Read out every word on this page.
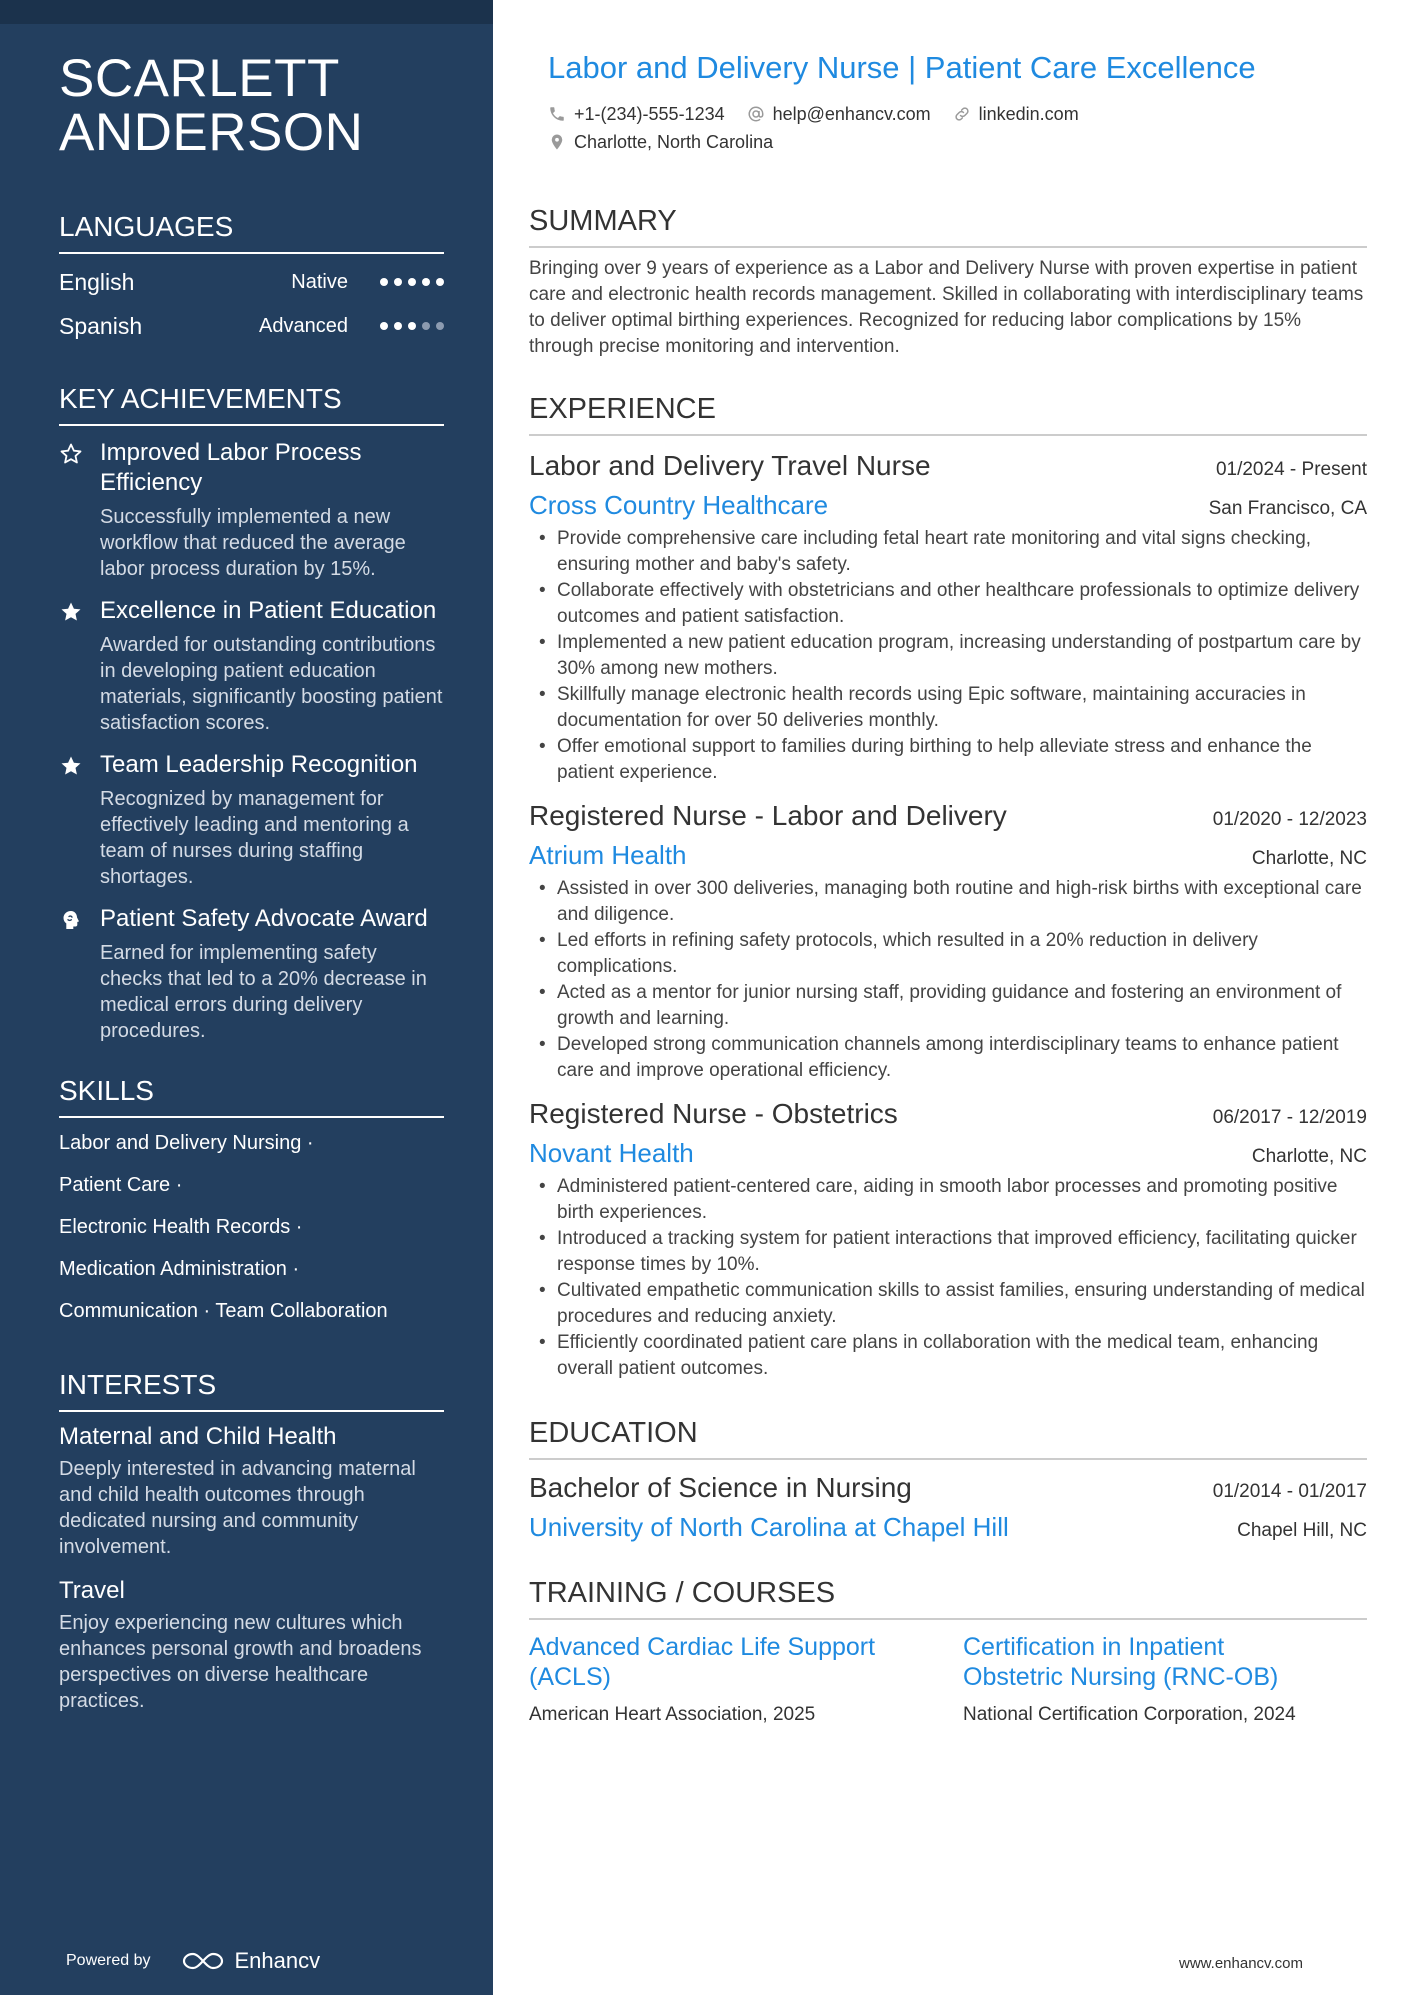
SCARLETT ANDERSON
LANGUAGES
English	Native
Spanish	Advanced
KEY ACHIEVEMENTS
Improved Labor Process Efficiency
Successfully implemented a new workflow that reduced the average labor process duration by 15%.
Excellence in Patient Education
Awarded for outstanding contributions in developing patient education materials, significantly boosting patient satisfaction scores.
Team Leadership Recognition
Recognized by management for effectively leading and mentoring a team of nurses during staffing shortages.
Patient Safety Advocate Award
Earned for implementing safety checks that led to a 20% decrease in medical errors during delivery procedures.
SKILLS
Labor and Delivery Nursing ·
Patient Care ·
Electronic Health Records ·
Medication Administration ·
Communication · Team Collaboration
INTERESTS
Maternal and Child Health
Deeply interested in advancing maternal and child health outcomes through dedicated nursing and community involvement.
Travel
Enjoy experiencing new cultures which enhances personal growth and broadens perspectives on diverse healthcare practices.
Powered by	Enhancv
Labor and Delivery Nurse | Patient Care Excellence
+1-(234)-555-1234	help@enhancv.com	linkedin.com
Charlotte, North Carolina
SUMMARY

Bringing over 9 years of experience as a Labor and Delivery Nurse with proven expertise in patient care and electronic health records management. Skilled in collaborating with interdisciplinary teams to deliver optimal birthing experiences. Recognized for reducing labor complications by 15% through precise monitoring and intervention.

EXPERIENCE
Labor and Delivery Travel Nurse	01/2024 - Present
Cross Country Healthcare	San Francisco, CA
• Provide comprehensive care including fetal heart rate monitoring and vital signs checking, ensuring mother and baby's safety.
• Collaborate effectively with obstetricians and other healthcare professionals to optimize delivery outcomes and patient satisfaction.
• Implemented a new patient education program, increasing understanding of postpartum care by 30% among new mothers.
• Skillfully manage electronic health records using Epic software, maintaining accuracies in documentation for over 50 deliveries monthly.
• Offer emotional support to families during birthing to help alleviate stress and enhance the patient experience.
Registered Nurse - Labor and Delivery	01/2020 - 12/2023
Atrium Health	Charlotte, NC
• Assisted in over 300 deliveries, managing both routine and high-risk births with exceptional care and diligence.
• Led efforts in refining safety protocols, which resulted in a 20% reduction in delivery complications.
• Acted as a mentor for junior nursing staff, providing guidance and fostering an environment of growth and learning.
• Developed strong communication channels among interdisciplinary teams to enhance patient care and improve operational efficiency.
Registered Nurse - Obstetrics	06/2017 - 12/2019
Novant Health	Charlotte, NC
• Administered patient-centered care, aiding in smooth labor processes and promoting positive birth experiences.
• Introduced a tracking system for patient interactions that improved efficiency, facilitating quicker response times by 10%.
• Cultivated empathetic communication skills to assist families, ensuring understanding of medical procedures and reducing anxiety.
• Efficiently coordinated patient care plans in collaboration with the medical team, enhancing overall patient outcomes.
EDUCATION
Bachelor of Science in Nursing	01/2014 - 01/2017
University of North Carolina at Chapel Hill	Chapel Hill, NC
TRAINING / COURSES
Advanced Cardiac Life Support (ACLS)
American Heart Association, 2025
Certification in Inpatient Obstetric Nursing (RNC-OB)
National Certification Corporation, 2024
www.enhancv.com
